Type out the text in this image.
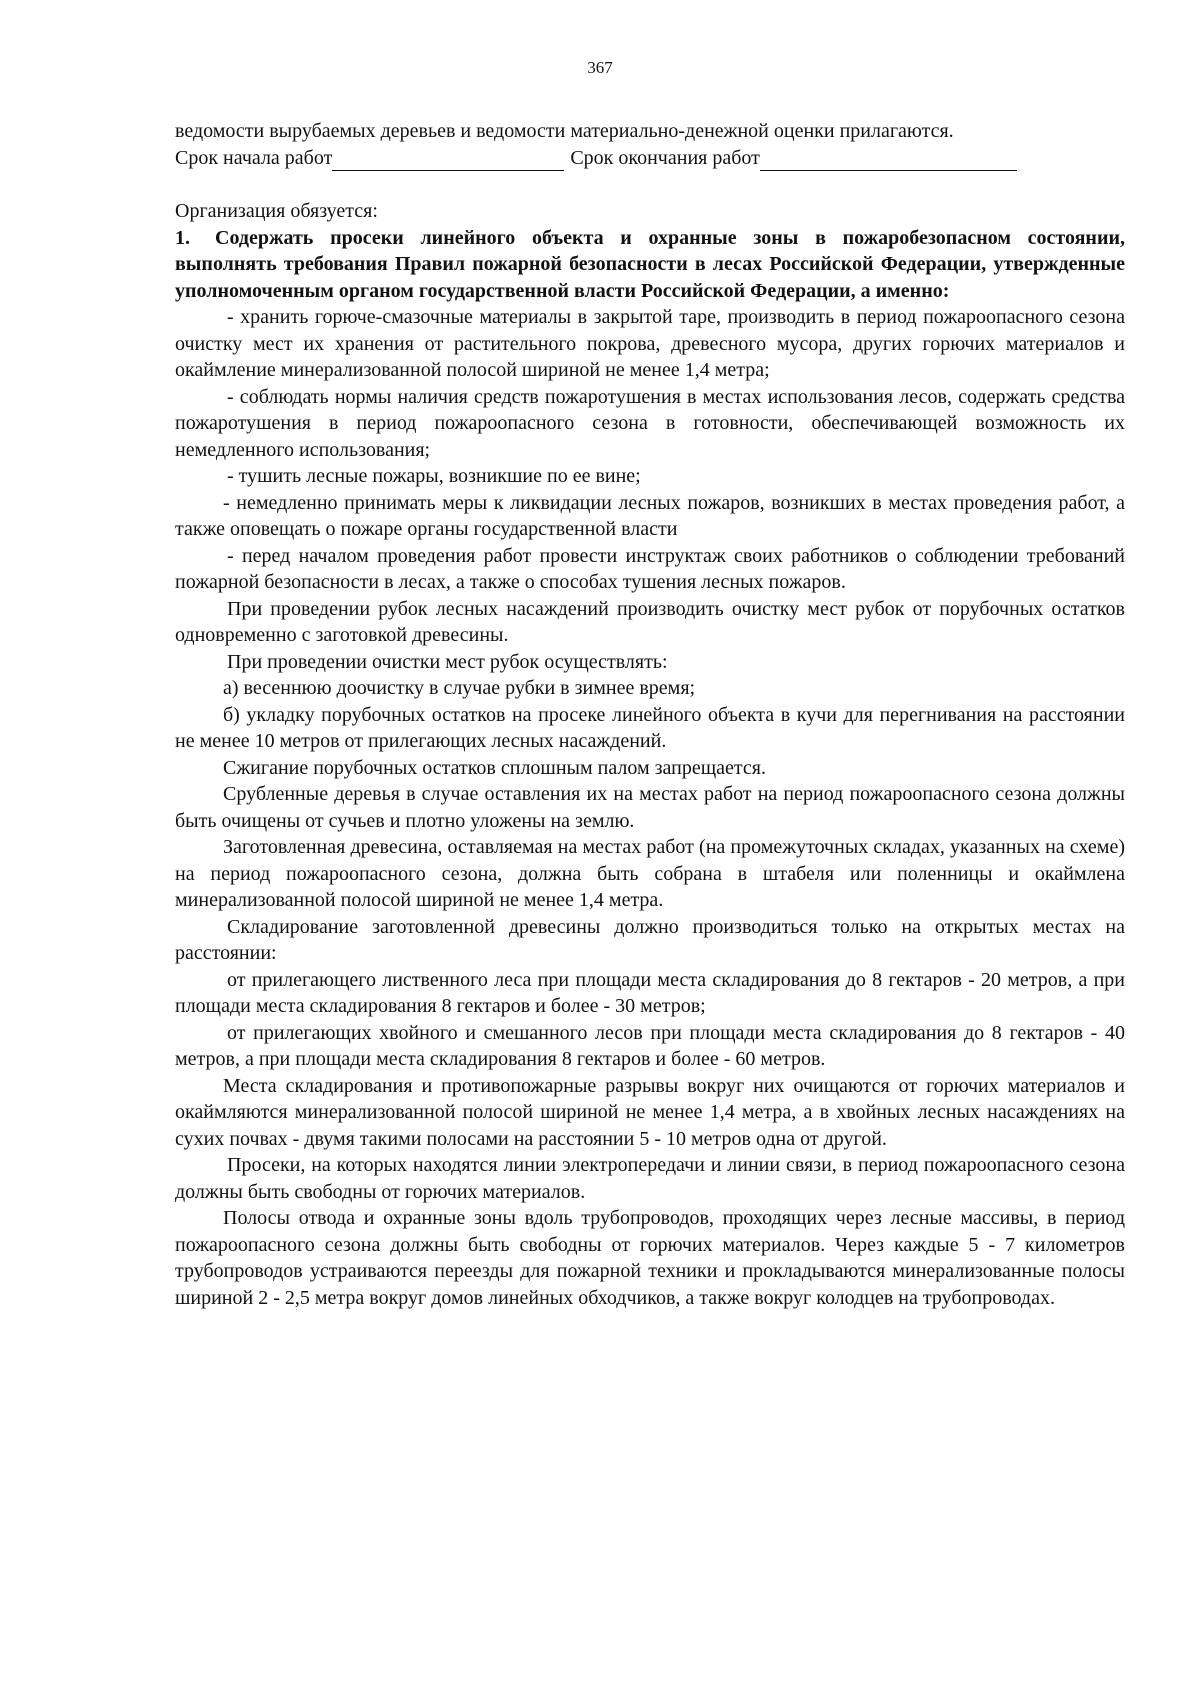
367

ведомости вырубаемых деревьев и ведомости материально-денежной оценки прилагаются.

Срок начала работ	Срок окончания работ

Организация обязуется:

1. Содержать просеки линейного объекта и охранные зоны в пожаробезопасном состоянии, выполнять требования Правил пожарной безопасности в лесах Российской Федерации, утвержденные уполномоченным органом государственной власти Российской Федерации, а именно:

- хранить горюче-смазочные материалы в закрытой таре, производить в период пожароопасного сезона очистку мест их хранения от растительного покрова, древесного мусора, других горючих материалов и окаймление минерализованной полосой шириной не менее 1,4 метра;

- соблюдать нормы наличия средств пожаротушения в местах использования лесов, содержать средства пожаротушения в период пожароопасного сезона в готовности, обеспечивающей возможность их немедленного использования;

- тушить лесные пожары, возникшие по ее вине;

- немедленно принимать меры к ликвидации лесных пожаров, возникших в местах проведения работ, а также оповещать о пожаре органы государственной власти

- перед началом проведения работ провести инструктаж своих работников о соблюдении требований пожарной безопасности в лесах, а также о способах тушения лесных пожаров.

При проведении рубок лесных насаждений производить очистку мест рубок от порубочных остатков одновременно с заготовкой древесины.

При проведении очистки мест рубок осуществлять:

а) весеннюю доочистку в случае рубки в зимнее время;

б) укладку порубочных остатков на просеке линейного объекта в кучи для перегнивания на расстоянии не менее 10 метров от прилегающих лесных насаждений.

Сжигание порубочных остатков сплошным палом запрещается.

Срубленные деревья в случае оставления их на местах работ на период пожароопасного сезона должны быть очищены от сучьев и плотно уложены на землю.

Заготовленная древесина, оставляемая на местах работ (на промежуточных складах, указанных на схеме) на период пожароопасного сезона, должна быть собрана в штабеля или поленницы и окаймлена минерализованной полосой шириной не менее 1,4 метра.

Складирование заготовленной древесины должно производиться только на открытых местах на расстоянии:

от прилегающего лиственного леса при площади места складирования до 8 гектаров - 20 метров, а при площади места складирования 8 гектаров и более - 30 метров;

от прилегающих хвойного и смешанного лесов при площади места складирования до 8 гектаров - 40 метров, а при площади места складирования 8 гектаров и более - 60 метров.

Места складирования и противопожарные разрывы вокруг них очищаются от горючих материалов и окаймляются минерализованной полосой шириной не менее 1,4 метра, а в хвойных лесных насаждениях на сухих почвах - двумя такими полосами на расстоянии 5 - 10 метров одна от другой.

Просеки, на которых находятся линии электропередачи и линии связи, в период пожароопасного сезона должны быть свободны от горючих материалов.

Полосы отвода и охранные зоны вдоль трубопроводов, проходящих через лесные массивы, в период пожароопасного сезона должны быть свободны от горючих материалов. Через каждые 5 - 7 километров трубопроводов устраиваются переезды для пожарной техники и прокладываются минерализованные полосы шириной 2 - 2,5 метра вокруг домов линейных обходчиков, а также вокруг колодцев на трубопроводах.
